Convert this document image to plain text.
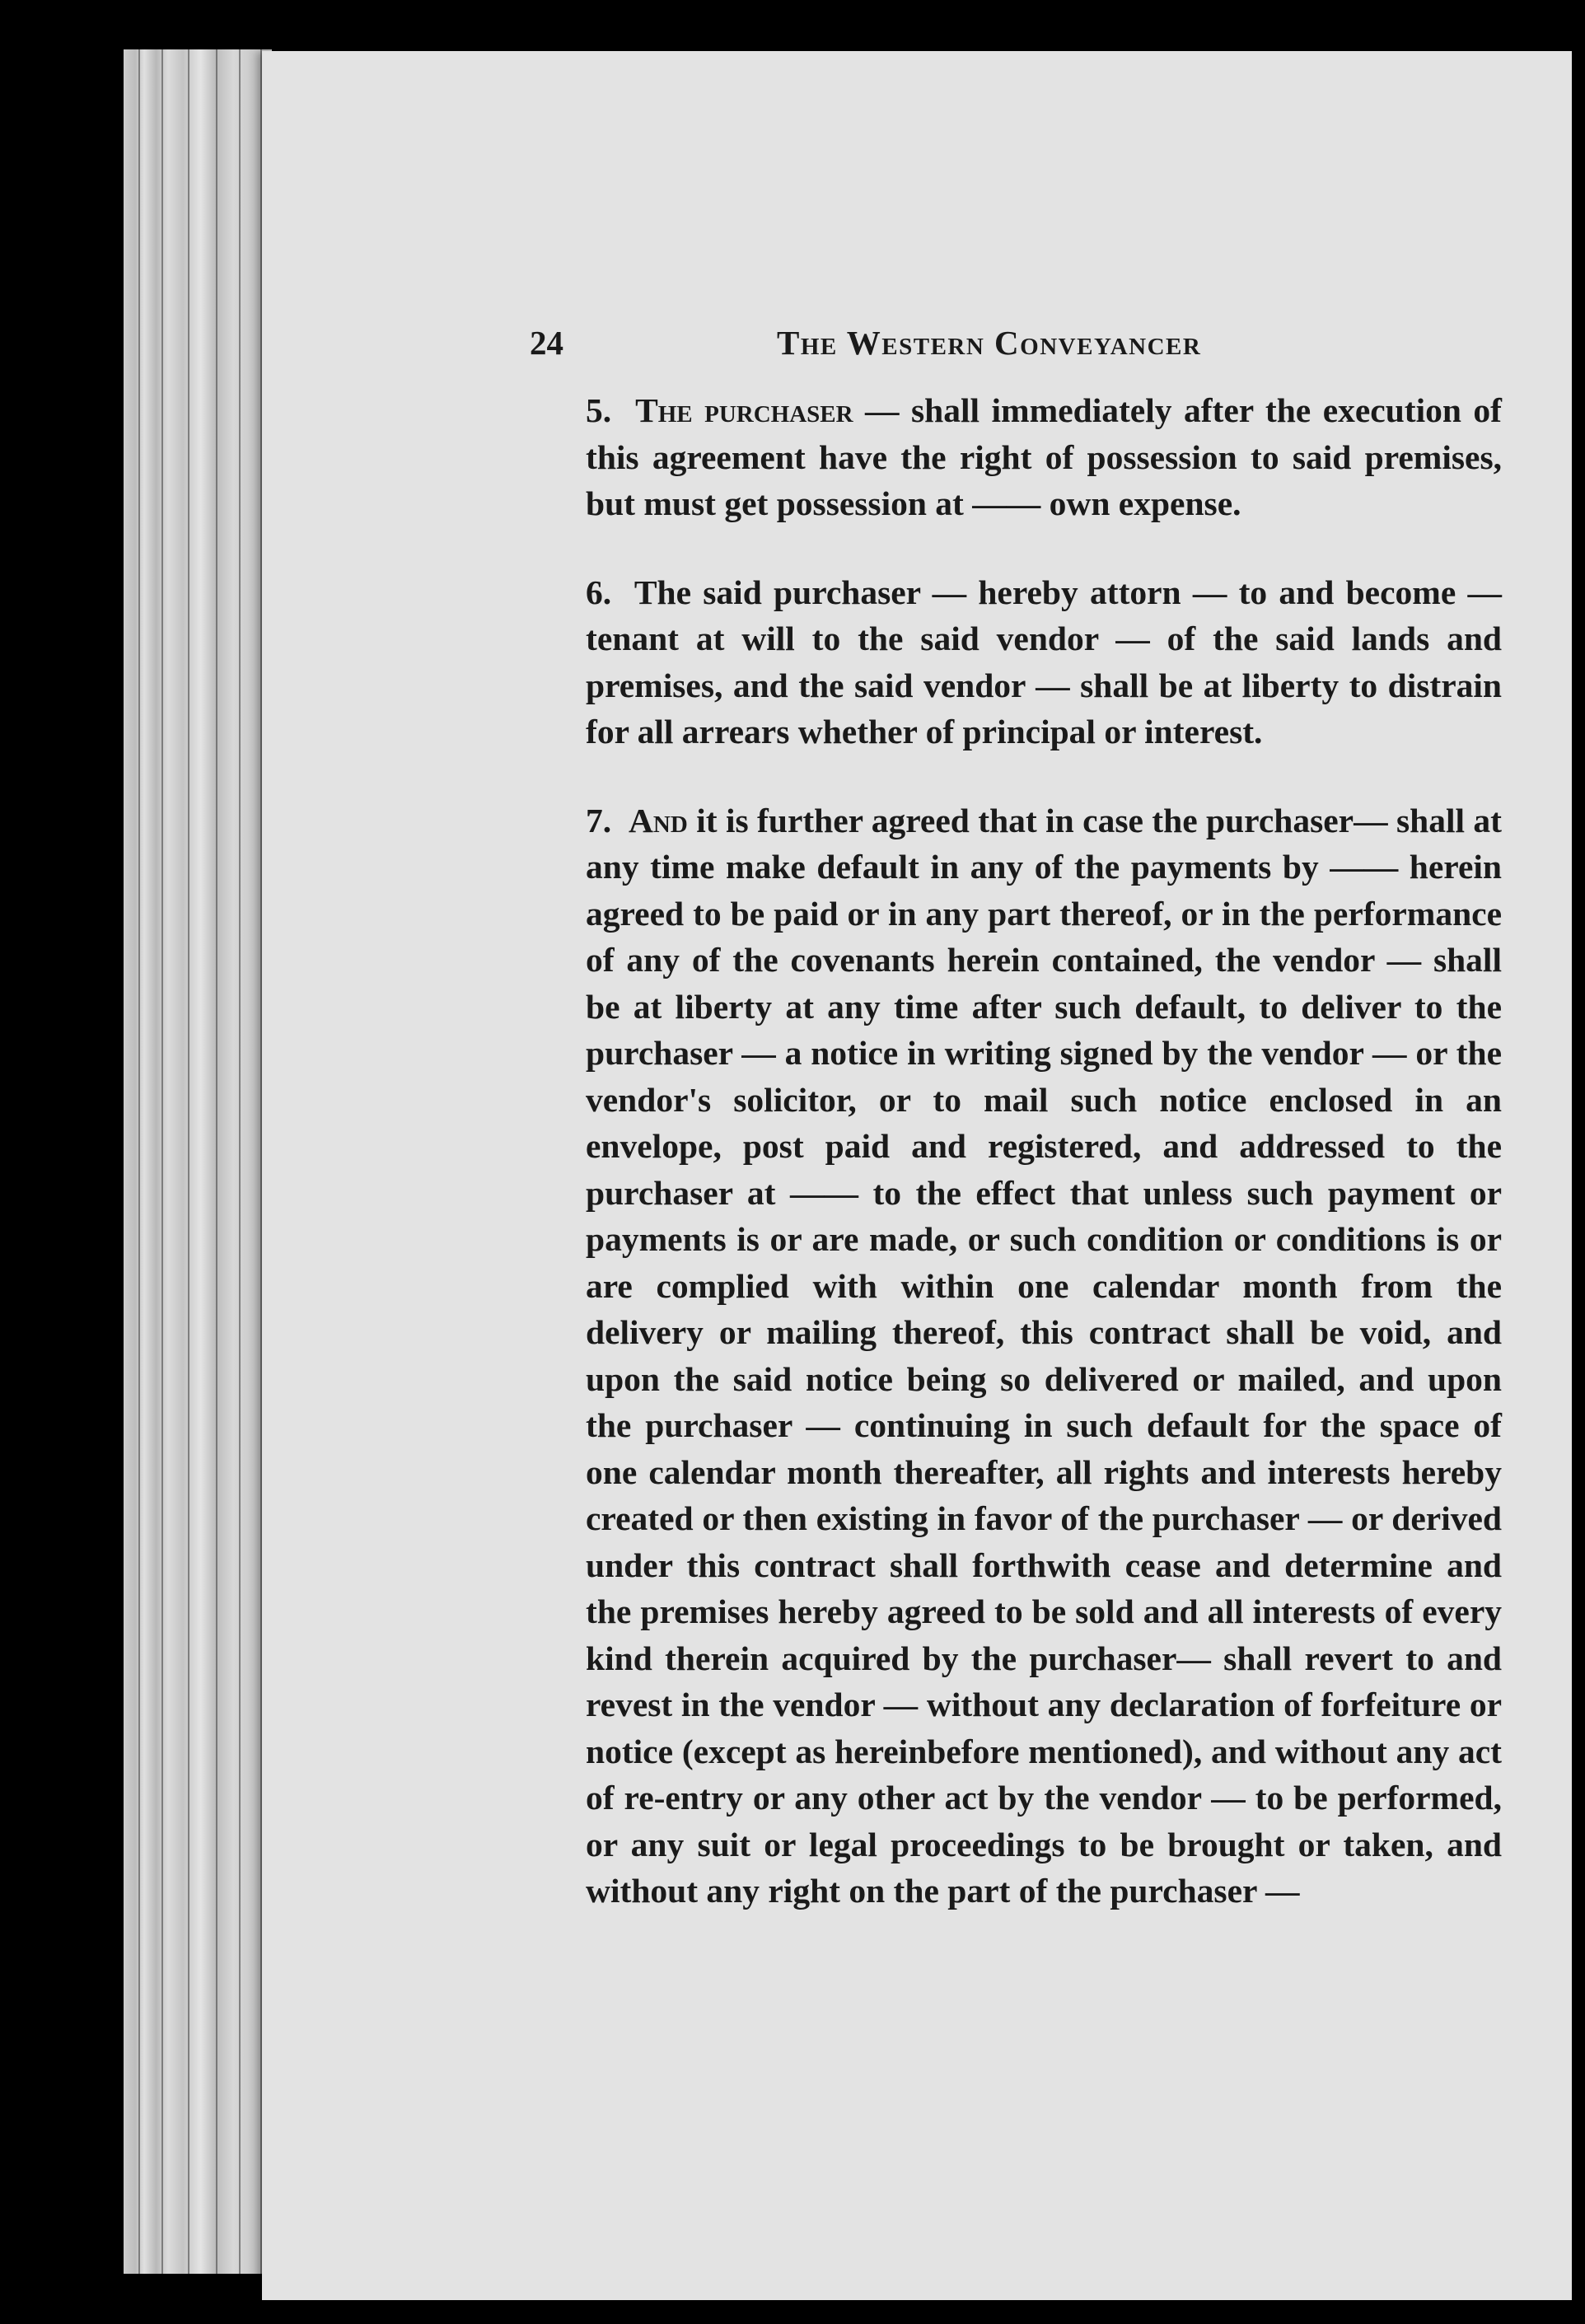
24	The Western Conveyancer

5. The purchaser — shall immediately after the execution of this agreement have the right of possession to said premises, but must get possession at —— own expense.

6. The said purchaser — hereby attorn — to and become — tenant at will to the said vendor — of the said lands and premises, and the said vendor — shall be at liberty to distrain for all arrears whether of principal or interest.

7. And it is further agreed that in case the purchaser— shall at any time make default in any of the payments by —— herein agreed to be paid or in any part thereof, or in the performance of any of the covenants herein contained, the vendor — shall be at liberty at any time after such default, to deliver to the purchaser — a notice in writing signed by the vendor — or the vendor's solicitor, or to mail such notice enclosed in an envelope, post paid and registered, and addressed to the purchaser at —— to the effect that unless such payment or payments is or are made, or such condition or conditions is or are complied with within one calendar month from the delivery or mailing thereof, this contract shall be void, and upon the said notice being so delivered or mailed, and upon the purchaser — continuing in such default for the space of one calendar month thereafter, all rights and interests hereby created or then existing in favor of the purchaser — or derived under this contract shall forthwith cease and determine and the premises hereby agreed to be sold and all interests of every kind therein acquired by the purchaser— shall revert to and revest in the vendor — without any declaration of forfeiture or notice (except as hereinbefore mentioned), and without any act of re-entry or any other act by the vendor — to be performed, or any suit or legal proceedings to be brought or taken, and without any right on the part of the purchaser —
